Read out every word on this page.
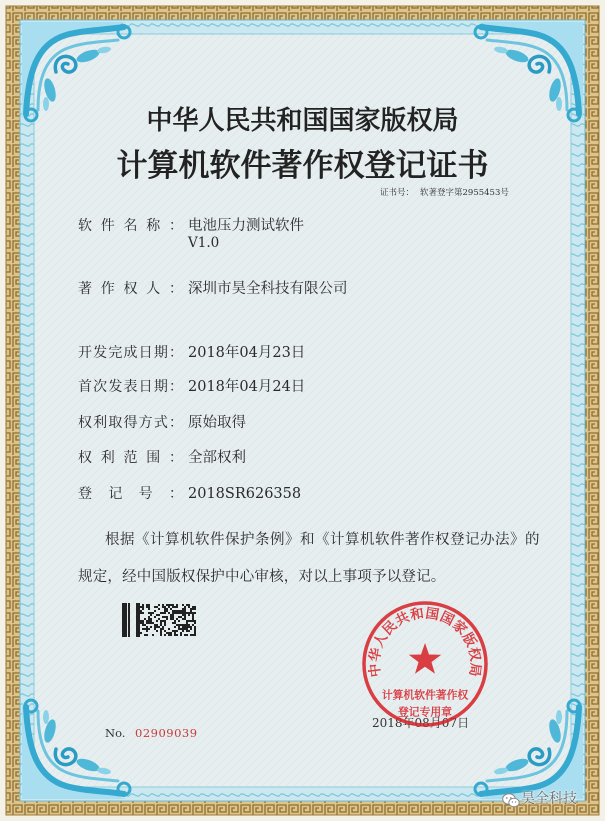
中华人民共和国国家版权局
计算机软件著作权登记证书
证书号： 软著登字第2955453号
软件名称： 电池压力测试软件
V1.0
著作权人： 深圳市昊全科技有限公司
开发完成日期： 2018年04月23日
首次发表日期： 2018年04月24日
权利取得方式： 原始取得
权利范围： 全部权利
登记号： 2018SR626358
根据《计算机软件保护条例》和《计算机软件著作权登记办法》的
规定，经中国版权保护中心审核，对以上事项予以登记。
No. 02909039
2018年08月07日
中华人民共和国国家版权局
计算机软件著作权
登记专用章
昊全科技
